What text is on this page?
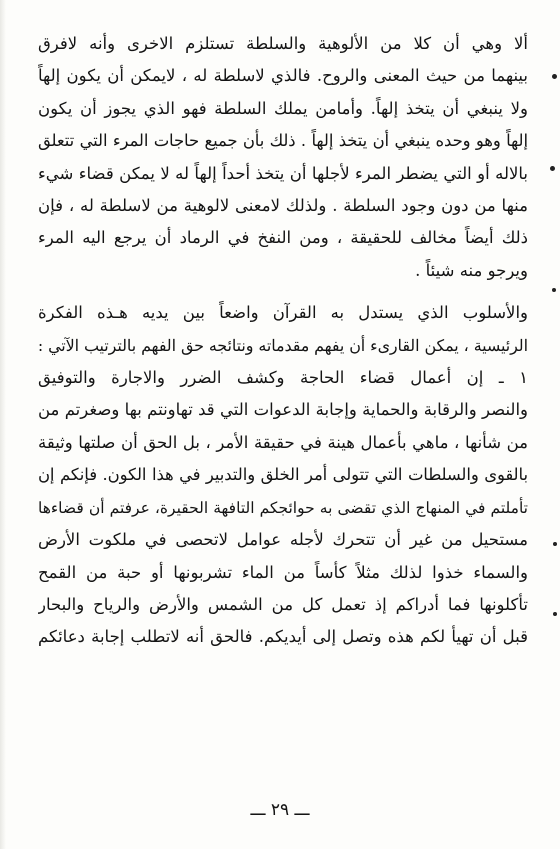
ألا وهي أن كلا من الألوهية والسلطة تستلزم الاخرى وأنه لافرق
بينهما من حيث المعنى والروح. فالذي لاسلطة له ، لايمكن أن يكون إلهاً
ولا ينبغي أن يتخذ إلهاً. وأمامن يملك السلطة فهو الذي يجوز أن يكون
إلهاً وهو وحده ينبغي أن يتخذ إلهاً . ذلك بأن جميع حاجات المرء التي تتعلق
بالاله أو التي يضطر المرء لأجلها أن يتخذ أحداً إلهاً له لا يمكن قضاء شيء
منها من دون وجود السلطة . ولذلك لامعنى لالوهية من لاسلطة له ، فإن
ذلك أيضاً مخالف للحقيقة ، ومن النفخ في الرماد أن يرجع اليه المرء
ويرجو منه شيئاً .
والأسلوب الذي يستدل به القرآن واضعاً بين يديه هـذه الفكرة
الرئيسية ، يمكن القارىء أن يفهم مقدماته ونتائجه حق الفهم بالترتيب الآتي :
١ ـ إن أعمال قضاء الحاجة وكشف الضرر والاجارة والتوفيق
والنصر والرقابة والحماية وإجابة الدعوات التي قد تهاونتم بها وصغرتم من
من شأنها ، ماهي بأعمال هينة في حقيقة الأمر ، بل الحق أن صلتها وثيقة
بالقوى والسلطات التي تتولى أمر الخلق والتدبير في هذا الكون. فإنكم إن
تأملتم في المنهاج الذي تقضى به حوائجكم التافهة الحقيرة، عرفتم أن قضاءها
مستحيل من غير أن تتحرك لأجله عوامل لاتحصى في ملكوت الأرض
والسماء خذوا لذلك مثلاً كأساً من الماء تشربونها أو حبة من القمح
تأكلونها فما أدراكم إذ تعمل كل من الشمس والأرض والرياح والبحار
قبل أن تهيأ لكم هذه وتصل إلى أيديكم. فالحق أنه لاتطلب إجابة دعائكم
ـــ ٢٩ ـــ
